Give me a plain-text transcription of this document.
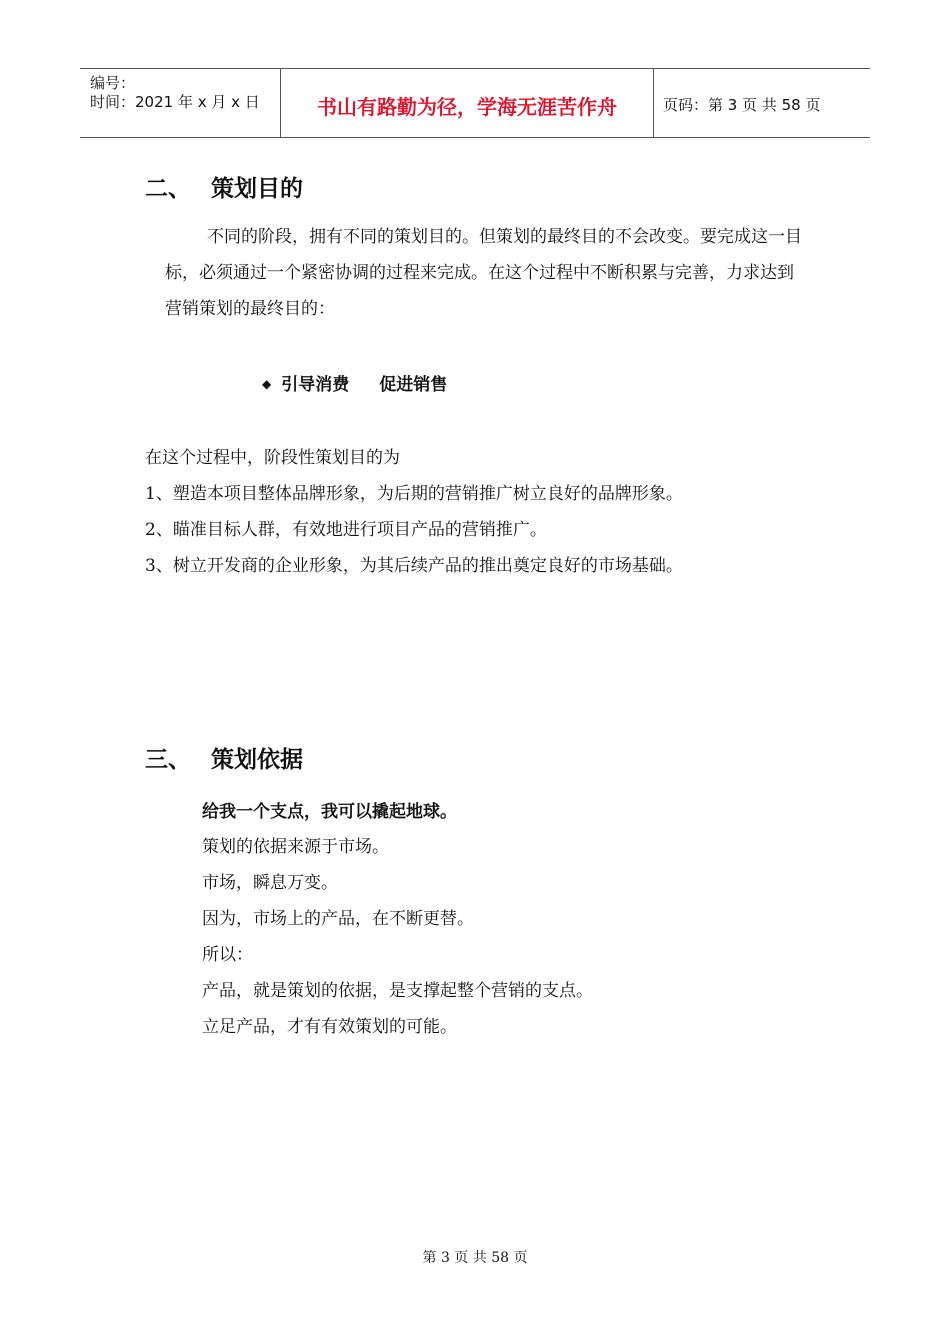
编号：
时间：2021 年 x 月 x 日	书山有路勤为径，学海无涯苦作舟	页码：第 3 页 共 58 页
二、 策划目的

不同的阶段，拥有不同的策划目的。但策划的最终目的不会改变。要完成这一目标，必须通过一个紧密协调的过程来完成。在这个过程中不断积累与完善，力求达到营销策划的最终目的：

◆ 引导消费 促进销售
在这个过程中，阶段性策划目的为
1、塑造本项目整体品牌形象，为后期的营销推广树立良好的品牌形象。
2、瞄准目标人群，有效地进行项目产品的营销推广。
3、树立开发商的企业形象，为其后续产品的推出奠定良好的市场基础。
三、 策划依据
给我一个支点，我可以撬起地球。
策划的依据来源于市场。
市场，瞬息万变。
因为，市场上的产品，在不断更替。
所以：
产品，就是策划的依据，是支撑起整个营销的支点。
立足产品，才有有效策划的可能。
第 3 页 共 58 页
